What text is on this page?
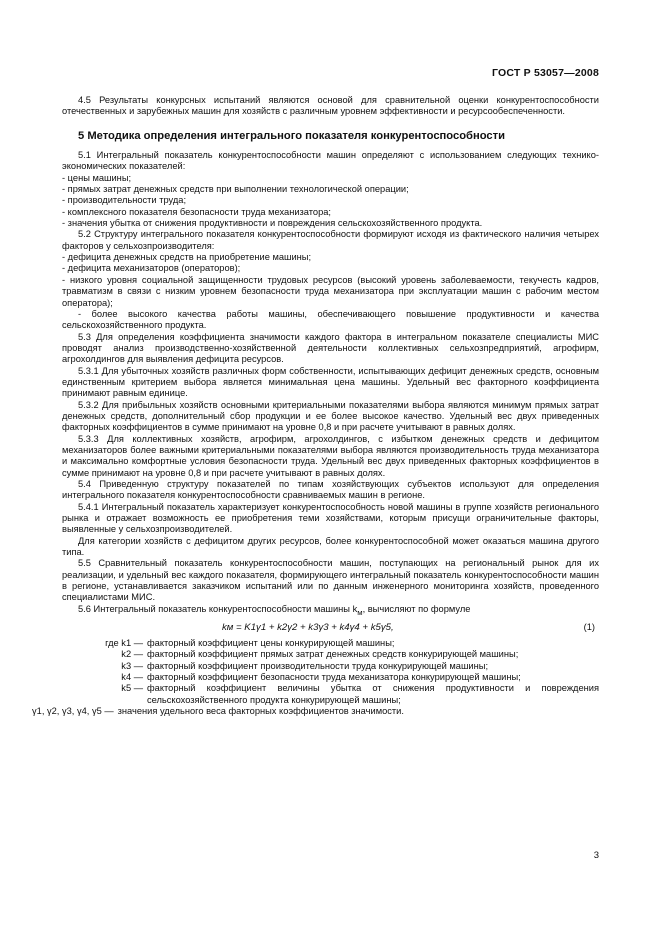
ГОСТ Р 53057—2008

4.5 Результаты конкурсных испытаний являются основой для сравнительной оценки конкурентоспособности отечественных и зарубежных машин для хозяйств с различным уровнем эффективности и ресурсообеспеченности.

5 Методика определения интегрального показателя конкурентоспособности

5.1 Интегральный показатель конкурентоспособности машин определяют с использованием следующих технико-экономических показателей:

- цены машины;

- прямых затрат денежных средств при выполнении технологической операции;

- производительности труда;

- комплексного показателя безопасности труда механизатора;

- значения убытка от снижения продуктивности и повреждения сельскохозяйственного продукта.

5.2 Структуру интегрального показателя конкурентоспособности формируют исходя из фактического наличия четырех факторов у сельхозпроизводителя:

- дефицита денежных средств на приобретение машины;

- дефицита механизаторов (операторов);

- низкого уровня социальной защищенности трудовых ресурсов (высокий уровень заболеваемости, текучесть кадров, травматизм в связи с низким уровнем безопасности труда механизатора при эксплуатации машин с рабочим местом оператора);

- более высокого качества работы машины, обеспечивающего повышение продуктивности и качества сельскохозяйственного продукта.

5.3 Для определения коэффициента значимости каждого фактора в интегральном показателе специалисты МИС проводят анализ производственно-хозяйственной деятельности коллективных сельхозпредприятий, агрофирм, агрохолдингов для выявления дефицита ресурсов.

5.3.1 Для убыточных хозяйств различных форм собственности, испытывающих дефицит денежных средств, основным единственным критерием выбора является минимальная цена машины. Удельный вес факторного коэффициента принимают равным единице.

5.3.2 Для прибыльных хозяйств основными критериальными показателями выбора являются минимум прямых затрат денежных средств, дополнительный сбор продукции и ее более высокое качество. Удельный вес двух приведенных факторных коэффициентов в сумме принимают на уровне 0,8 и при расчете учитывают в равных долях.

5.3.3 Для коллективных хозяйств, агрофирм, агрохолдингов, с избытком денежных средств и дефицитом механизаторов более важными критериальными показателями выбора являются производительность труда механизатора и максимально комфортные условия безопасности труда. Удельный вес двух приведенных факторных коэффициентов в сумме принимают на уровне 0,8 и при расчете учитывают в равных долях.

5.4 Приведенную структуру показателей по типам хозяйствующих субъектов используют для определения интегрального показателя конкурентоспособности сравниваемых машин в регионе.

5.4.1 Интегральный показатель характеризует конкурентоспособность новой машины в группе хозяйств регионального рынка и отражает возможность ее приобретения теми хозяйствами, которым присущи ограничительные факторы, выявленные у сельхозпроизводителей.

Для категории хозяйств с дефицитом других ресурсов, более конкурентоспособной может оказаться машина другого типа.

5.5 Сравнительный показатель конкурентоспособности машин, поступающих на региональный рынок для их реализации, и удельный вес каждого показателя, формирующего интегральный показатель конкурентоспособности машин в регионе, устанавливается заказчиком испытаний или по данным инженерного мониторинга хозяйств, проведенного специалистами МИС.

5.6 Интегральный показатель конкурентоспособности машины $k_м$, вычисляют по формуле

kм = K1γ1 + k2γ2 + k3γ3 + k4γ4 + k5γ5,	(1)
где k1 — факторный коэффициент цены конкурирующей машины;
k2 — факторный коэффициент прямых затрат денежных средств конкурирующей машины;
k3 — факторный коэффициент производительности труда конкурирующей машины;
k4 — факторный коэффициент безопасности труда механизатора конкурирующей машины;
k5 — факторный коэффициент величины убытка от снижения продуктивности и повреждения сельскохозяйственного продукта конкурирующей машины;
γ1, γ2, γ3, γ4, γ5 — значения удельного веса факторных коэффициентов значимости.
3
